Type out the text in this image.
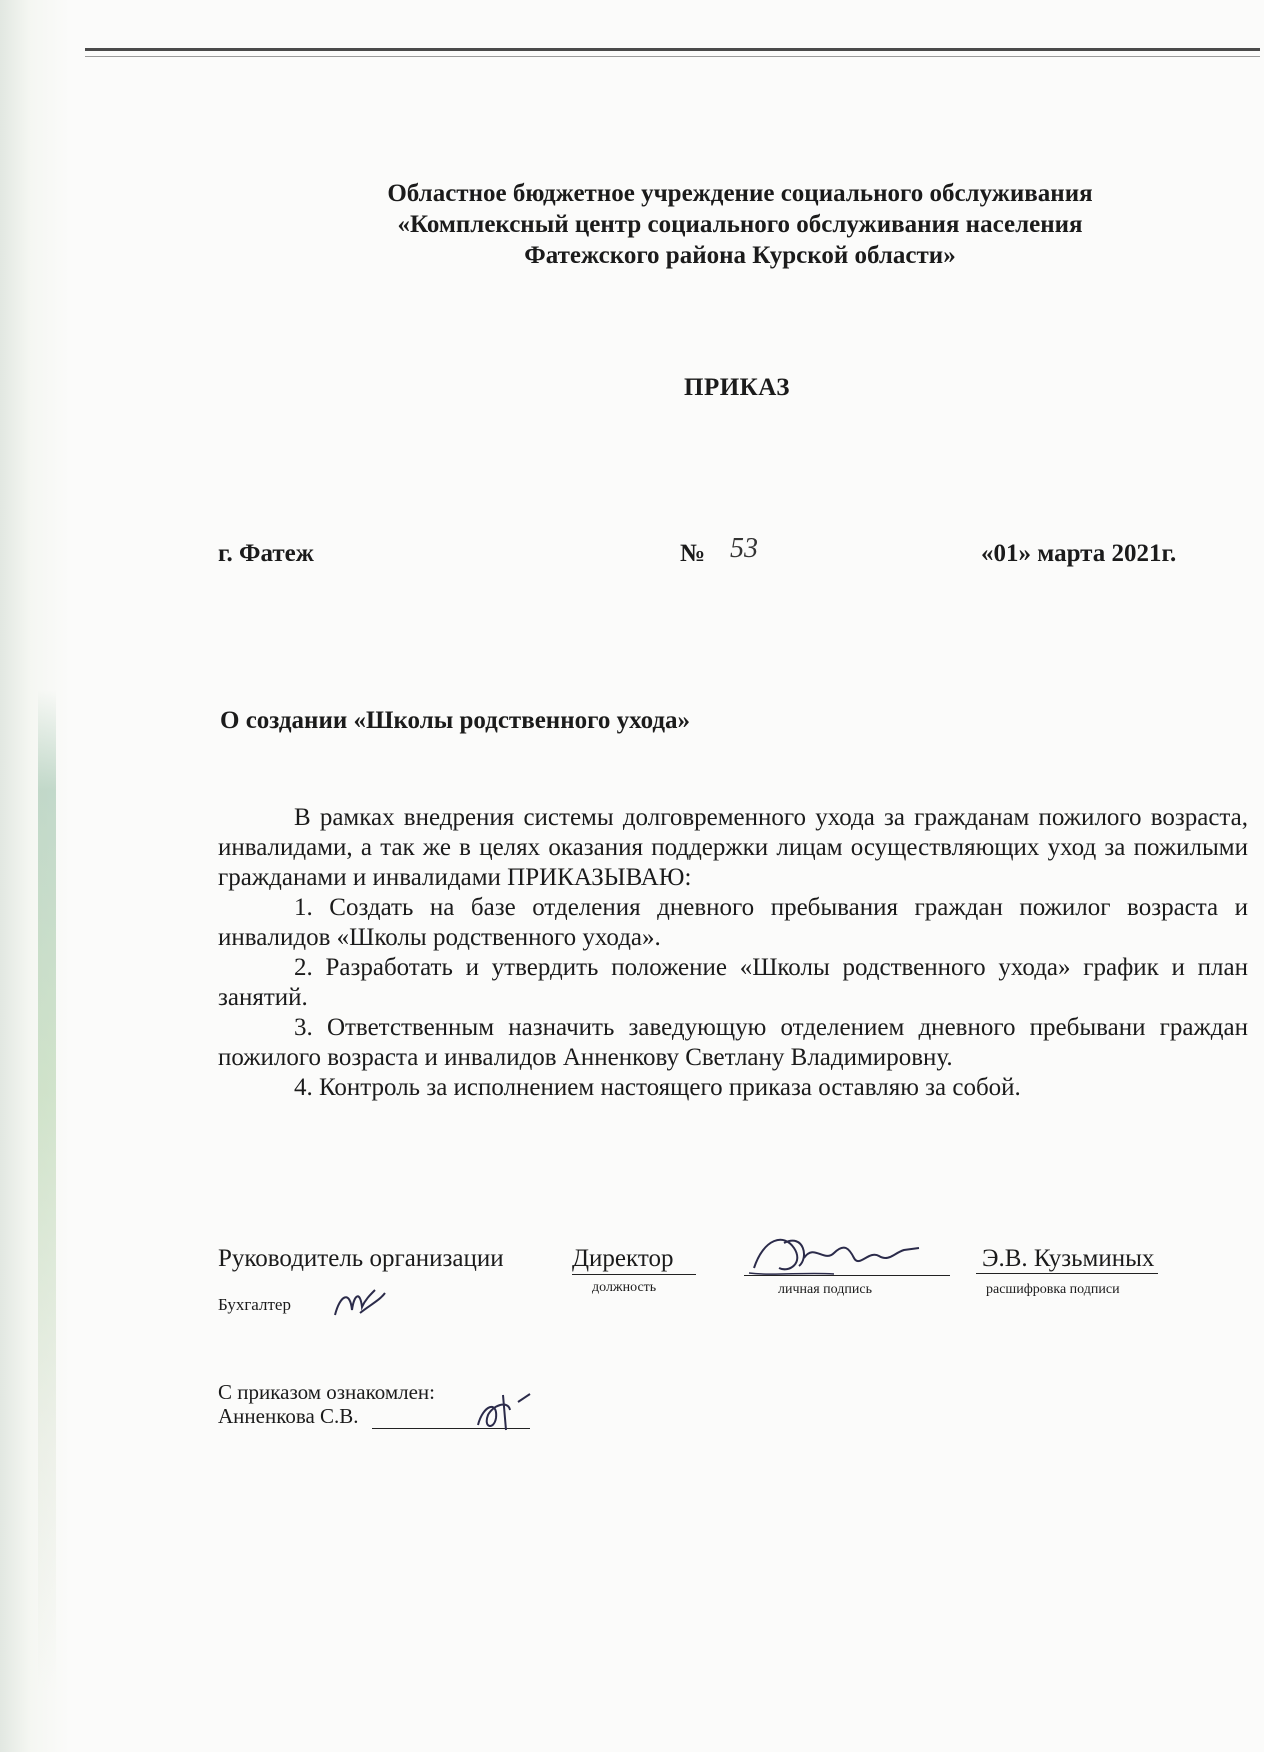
Областное бюджетное учреждение социального обслуживания
«Комплексный центр социального обслуживания населения
Фатежского района Курской области»
ПРИКАЗ
г. Фатеж	№ 53	«01» марта 2021г.
О создании «Школы родственного ухода»

В рамках внедрения системы долговременного ухода за гражданам пожилого возраста, инвалидами, а так же в целях оказания поддержки лицам осуществляющих уход за пожилыми гражданами и инвалидами ПРИКАЗЫВАЮ:

1. Создать на базе отделения дневного пребывания граждан пожилог возраста и инвалидов «Школы родственного ухода».

2. Разработать и утвердить положение «Школы родственного ухода» график и план занятий.

3. Ответственным назначить заведующую отделением дневного пребывани граждан пожилого возраста и инвалидов Анненкову Светлану Владимировну.

4. Контроль за исполнением настоящего приказа оставляю за собой.

Руководитель организации	Директор	Э.В. Кузьминых
должность	личная подпись	расшифровка подписи
Бухгалтер
С приказом ознакомлен:
Анненкова С.В.
